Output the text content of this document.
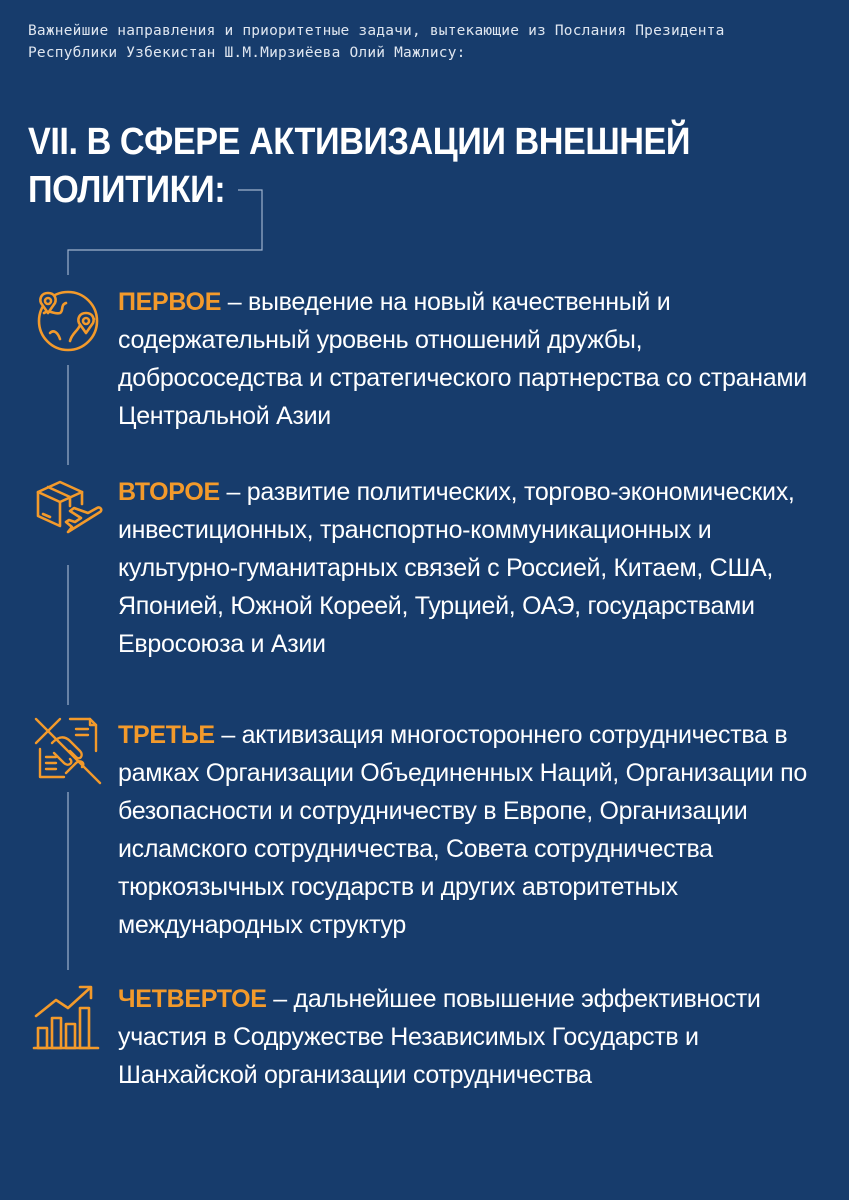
Важнейшие направления и приоритетные задачи, вытекающие из Послания Президента Республики Узбекистан Ш.М.Мирзиёева Олий Мажлису:
VII. В СФЕРЕ АКТИВИЗАЦИИ ВНЕШНЕЙ ПОЛИТИКИ:
ПЕРВОЕ – выведение на новый качественный и содержательный уровень отношений дружбы, добрососедства и стратегического партнерства со странами Центральной Азии
ВТОРОЕ – развитие политических, торгово-экономических, инвестиционных, транспортно-коммуникационных и культурно-гуманитарных связей с Россией, Китаем, США, Японией, Южной Кореей, Турцией, ОАЭ, государствами Евросоюза и Азии
ТРЕТЬЕ – активизация многостороннего сотрудничества в рамках Организации Объединенных Наций, Организации по безопасности и сотрудничеству в Европе, Организации исламского сотрудничества, Совета сотрудничества тюркоязычных государств и других авторитетных международных структур
ЧЕТВЕРТОЕ – дальнейшее повышение эффективности участия в Содружестве Независимых Государств и Шанхайской организации сотрудничества
